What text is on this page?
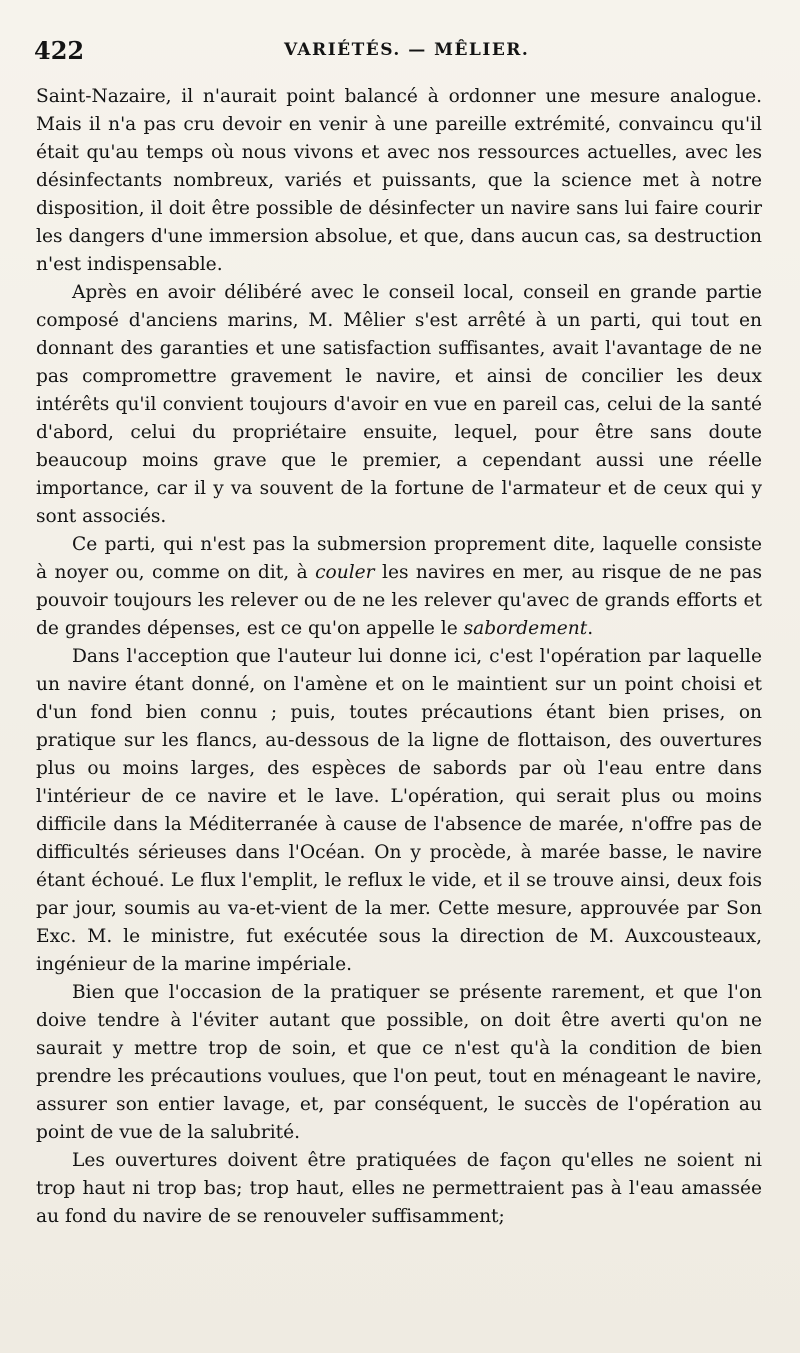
422	VARIÉTÉS. — MÊLIER.

Saint-Nazaire, il n'aurait point balancé à ordonner une mesure analogue. Mais il n'a pas cru devoir en venir à une pareille extrémité, convaincu qu'il était qu'au temps où nous vivons et avec nos ressources actuelles, avec les désinfectants nombreux, variés et puissants, que la science met à notre disposition, il doit être possible de désinfecter un navire sans lui faire courir les dangers d'une immersion absolue, et que, dans aucun cas, sa destruction n'est indispensable.

Après en avoir délibéré avec le conseil local, conseil en grande partie composé d'anciens marins, M. Mêlier s'est arrêté à un parti, qui tout en donnant des garanties et une satisfaction suffisantes, avait l'avantage de ne pas compromettre gravement le navire, et ainsi de concilier les deux intérêts qu'il convient toujours d'avoir en vue en pareil cas, celui de la santé d'abord, celui du propriétaire ensuite, lequel, pour être sans doute beaucoup moins grave que le premier, a cependant aussi une réelle importance, car il y va souvent de la fortune de l'armateur et de ceux qui y sont associés.

Ce parti, qui n'est pas la submersion proprement dite, laquelle consiste à noyer ou, comme on dit, à couler les navires en mer, au risque de ne pas pouvoir toujours les relever ou de ne les relever qu'avec de grands efforts et de grandes dépenses, est ce qu'on appelle le sabordement.

Dans l'acception que l'auteur lui donne ici, c'est l'opération par laquelle un navire étant donné, on l'amène et on le maintient sur un point choisi et d'un fond bien connu ; puis, toutes précautions étant bien prises, on pratique sur les flancs, au-dessous de la ligne de flottaison, des ouvertures plus ou moins larges, des espèces de sabords par où l'eau entre dans l'intérieur de ce navire et le lave. L'opération, qui serait plus ou moins difficile dans la Méditerranée à cause de l'absence de marée, n'offre pas de difficultés sérieuses dans l'Océan. On y procède, à marée basse, le navire étant échoué. Le flux l'emplit, le reflux le vide, et il se trouve ainsi, deux fois par jour, soumis au va-et-vient de la mer. Cette mesure, approuvée par Son Exc. M. le ministre, fut exécutée sous la direction de M. Auxcousteaux, ingénieur de la marine impériale.

Bien que l'occasion de la pratiquer se présente rarement, et que l'on doive tendre à l'éviter autant que possible, on doit être averti qu'on ne saurait y mettre trop de soin, et que ce n'est qu'à la condition de bien prendre les précautions voulues, que l'on peut, tout en ménageant le navire, assurer son entier lavage, et, par conséquent, le succès de l'opération au point de vue de la salubrité.

Les ouvertures doivent être pratiquées de façon qu'elles ne soient ni trop haut ni trop bas; trop haut, elles ne permettraient pas à l'eau amassée au fond du navire de se renouveler suffisamment;
